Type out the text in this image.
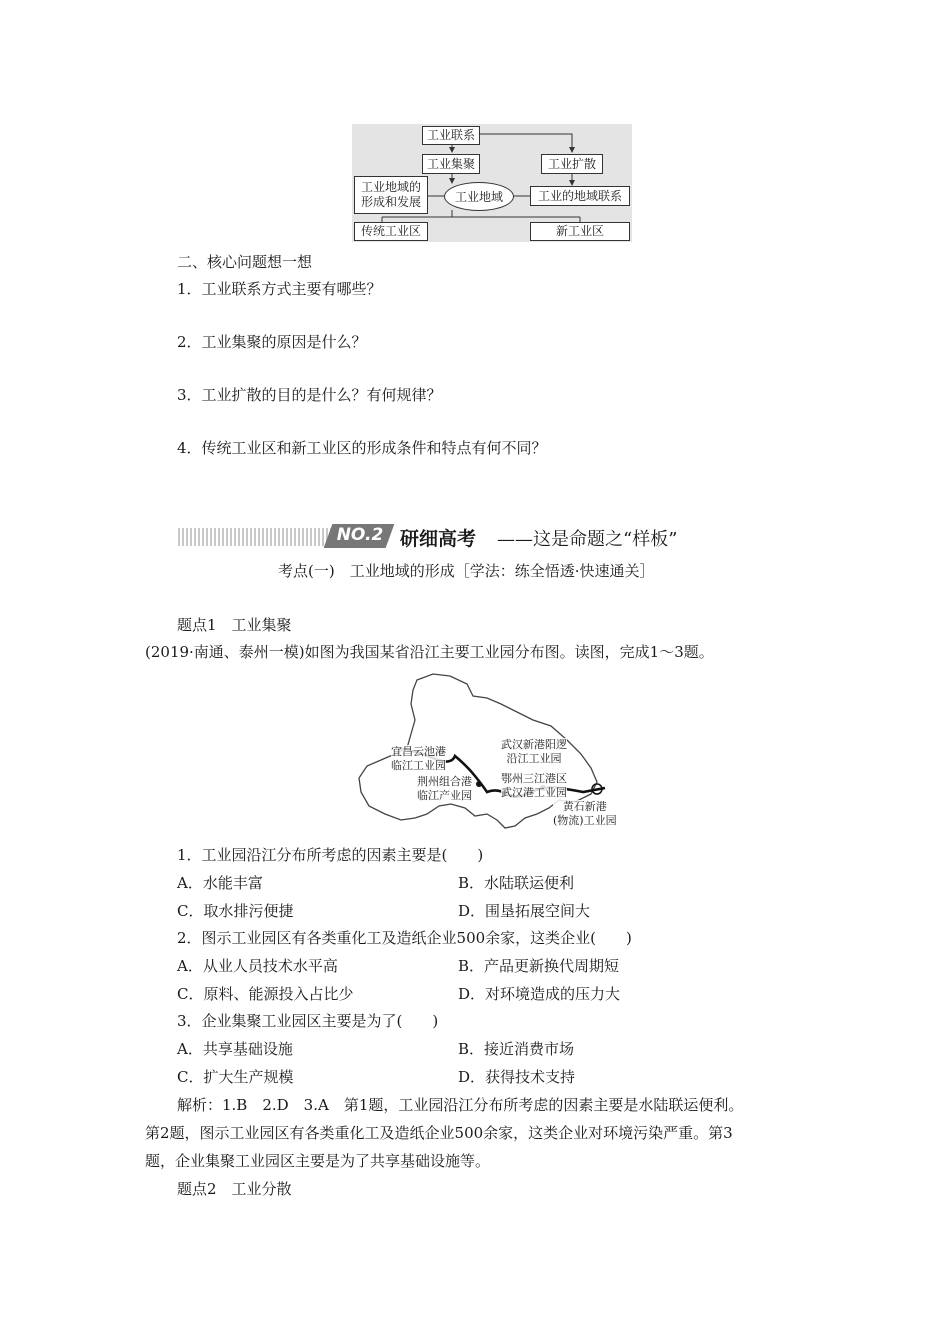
工业联系
工业集聚	工业扩散
工业地域的
形成和发展	工业地域	工业的地域联系
传统工业区	新工业区
二、核心问题想一想
1．工业联系方式主要有哪些？
2．工业集聚的原因是什么？
3．工业扩散的目的是什么？有何规律？
4．传统工业区和新工业区的形成条件和特点有何不同？
NO.2 研细高考 ——这是命题之“样板”
考点(一)　工业地域的形成［学法：练全悟透·快速通关］
题点1　工业集聚
(2019·南通、泰州一模)如图为我国某省沿江主要工业园分布图。读图，完成1～3题。
宜昌云池港
临江工业园
荆州组合港
临江产业园
武汉新港阳逻
沿江工业园
鄂州三江港区
武汉港工业园
黄石新港
(物流)工业园
1．工业园沿江分布所考虑的因素主要是(　　)
A．水能丰富	B．水陆联运便利
C．取水排污便捷	D．围垦拓展空间大
2．图示工业园区有各类重化工及造纸企业500余家，这类企业(　　)
A．从业人员技术水平高	B．产品更新换代周期短
C．原料、能源投入占比少	D．对环境造成的压力大
3．企业集聚工业园区主要是为了(　　)
A．共享基础设施	B．接近消费市场
C．扩大生产规模	D．获得技术支持
解析：1.B　2.D　3.A　第1题，工业园沿江分布所考虑的因素主要是水陆联运便利。
第2题，图示工业园区有各类重化工及造纸企业500余家，这类企业对环境污染严重。第3
题，企业集聚工业园区主要是为了共享基础设施等。
题点2　工业分散
